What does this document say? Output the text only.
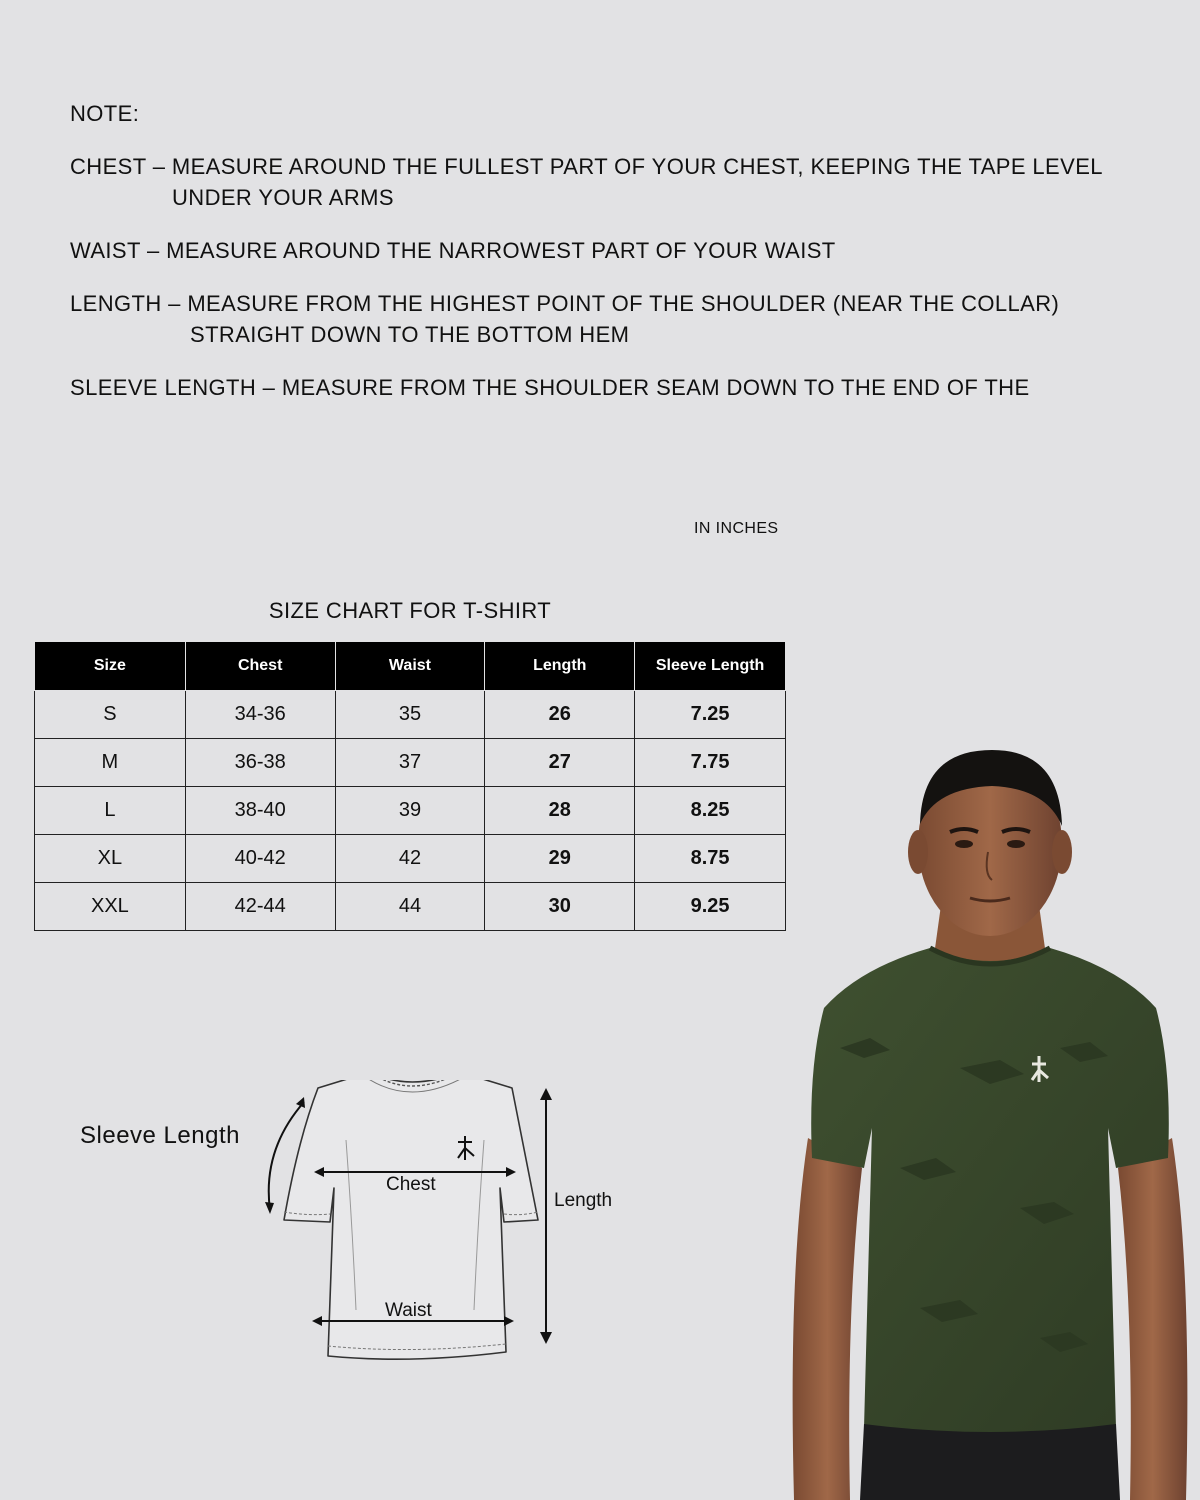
NOTE:

CHEST – MEASURE AROUND THE FULLEST PART OF YOUR CHEST, KEEPING THE TAPE LEVEL UNDER YOUR ARMS

WAIST – MEASURE AROUND THE NARROWEST PART OF YOUR WAIST

LENGTH – MEASURE FROM THE HIGHEST POINT OF THE SHOULDER (NEAR THE COLLAR) STRAIGHT DOWN TO THE BOTTOM HEM

SLEEVE LENGTH – MEASURE FROM THE SHOULDER SEAM DOWN TO THE END OF THE

IN INCHES
SIZE CHART FOR T-SHIRT
Size	Chest	Waist	Length	Sleeve Length
S	34-36	35	26	7.25
M	36-38	37	27	7.75
L	38-40	39	28	8.25
XL	40-42	42	29	8.75
XXL	42-44	44	30	9.25
Sleeve Length
Chest
Waist
Length
